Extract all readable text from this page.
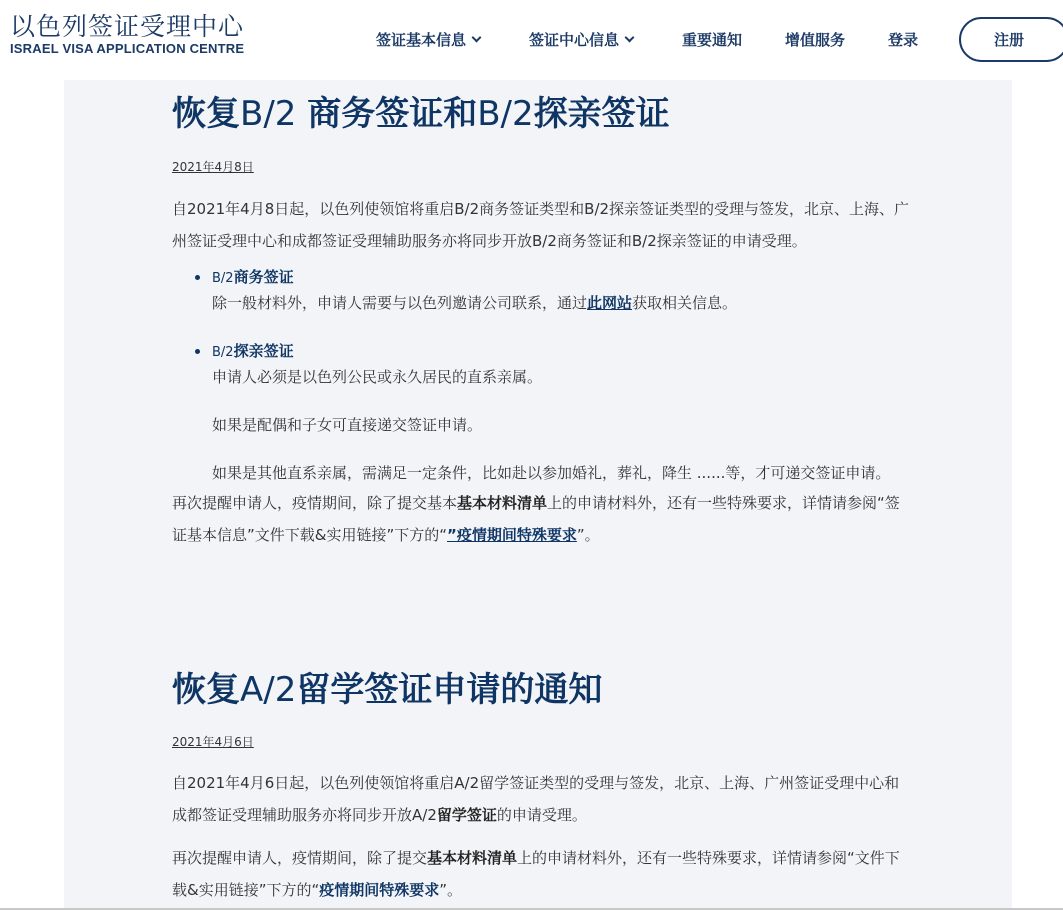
以色列签证受理中心
ISRAEL VISA APPLICATION CENTRE	签证基本信息	签证中心信息	重要通知	增值服务	登录	注册
恢复B/2 商务签证和B/2探亲签证
2021年4月8日
自2021年4月8日起，以色列使领馆将重启B/2商务签证类型和B/2探亲签证类型的受理与签发，北京、上海、广州签证受理中心和成都签证受理辅助服务亦将同步开放B/2商务签证和B/2探亲签证的申请受理。
B/2商务签证
除一般材料外，申请人需要与以色列邀请公司联系，通过此网站获取相关信息。
B/2探亲签证
申请人必须是以色列公民或永久居民的直系亲属。
如果是配偶和子女可直接递交签证申请。
如果是其他直系亲属，需满足一定条件，比如赴以参加婚礼，葬礼，降生 ......等，才可递交签证申请。
再次提醒申请人，疫情期间，除了提交基本基本材料清单上的申请材料外，还有一些特殊要求，详情请参阅“签证基本信息”文件下载&实用链接”下方的“”疫情期间特殊要求”。
恢复A/2留学签证申请的通知
2021年4月6日
自2021年4月6日起，以色列使领馆将重启A/2留学签证类型的受理与签发，北京、上海、广州签证受理中心和成都签证受理辅助服务亦将同步开放A/2留学签证的申请受理。
再次提醒申请人，疫情期间，除了提交基本材料清单上的申请材料外，还有一些特殊要求，详情请参阅“文件下载&实用链接”下方的“疫情期间特殊要求”。
